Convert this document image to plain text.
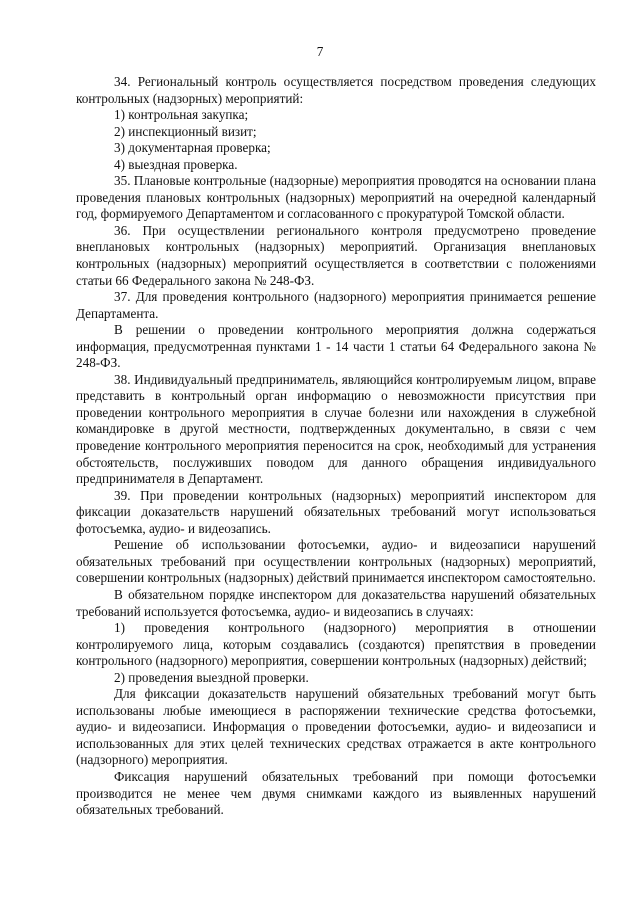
7

34. Региональный контроль осуществляется посредством проведения следующих контрольных (надзорных) мероприятий:

1) контрольная закупка;

2) инспекционный визит;

3) документарная проверка;

4) выездная проверка.

35. Плановые контрольные (надзорные) мероприятия проводятся на основании плана проведения плановых контрольных (надзорных) мероприятий на очередной календарный год, формируемого Департаментом и согласованного с прокуратурой Томской области.

36. При осуществлении регионального контроля предусмотрено проведение внеплановых контрольных (надзорных) мероприятий. Организация внеплановых контрольных (надзорных) мероприятий осуществляется в соответствии с положениями статьи 66 Федерального закона № 248-ФЗ.

37. Для проведения контрольного (надзорного) мероприятия принимается решение Департамента.

В решении о проведении контрольного мероприятия должна содержаться информация, предусмотренная пунктами 1 - 14 части 1 статьи 64 Федерального закона № 248-ФЗ.

38. Индивидуальный предприниматель, являющийся контролируемым лицом, вправе представить в контрольный орган информацию о невозможности присутствия при проведении контрольного мероприятия в случае болезни или нахождения в служебной командировке в другой местности, подтвержденных документально, в связи с чем проведение контрольного мероприятия переносится на срок, необходимый для устранения обстоятельств, послуживших поводом для данного обращения индивидуального предпринимателя в Департамент.

39. При проведении контрольных (надзорных) мероприятий инспектором для фиксации доказательств нарушений обязательных требований могут использоваться фотосъемка, аудио- и видеозапись.

Решение об использовании фотосъемки, аудио- и видеозаписи нарушений обязательных требований при осуществлении контрольных (надзорных) мероприятий, совершении контрольных (надзорных) действий принимается инспектором самостоятельно.

В обязательном порядке инспектором для доказательства нарушений обязательных требований используется фотосъемка, аудио- и видеозапись в случаях:

1) проведения контрольного (надзорного) мероприятия в отношении контролируемого лица, которым создавались (создаются) препятствия в проведении контрольного (надзорного) мероприятия, совершении контрольных (надзорных) действий;

2) проведения выездной проверки.

Для фиксации доказательств нарушений обязательных требований могут быть использованы любые имеющиеся в распоряжении технические средства фотосъемки, аудио- и видеозаписи. Информация о проведении фотосъемки, аудио- и видеозаписи и использованных для этих целей технических средствах отражается в акте контрольного (надзорного) мероприятия.

Фиксация нарушений обязательных требований при помощи фотосъемки производится не менее чем двумя снимками каждого из выявленных нарушений обязательных требований.
